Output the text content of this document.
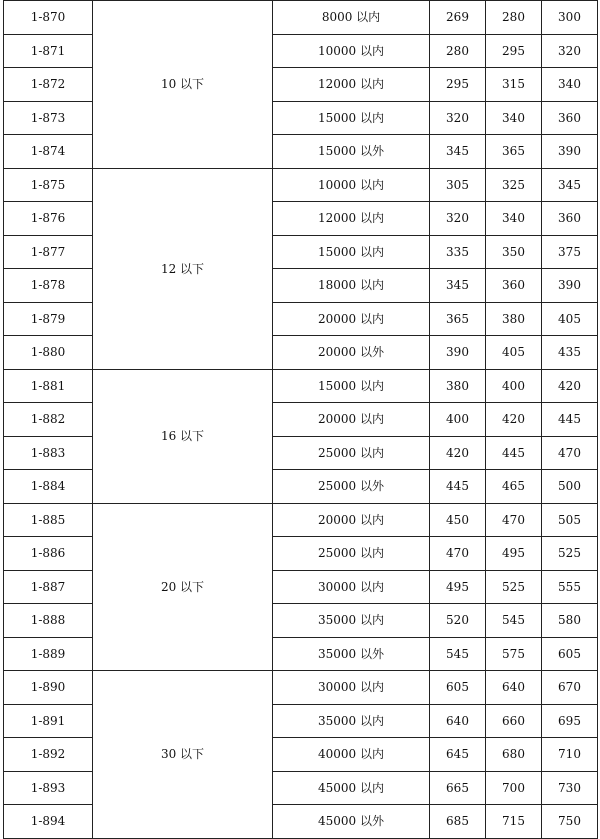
1-870	10 以下	8000 以内	269	280	300
1-871		10000 以内	280	295	320
1-872		12000 以内	295	315	340
1-873		15000 以内	320	340	360
1-874		15000 以外	345	365	390
1-875	12 以下	10000 以内	305	325	345
1-876		12000 以内	320	340	360
1-877		15000 以内	335	350	375
1-878		18000 以内	345	360	390
1-879		20000 以内	365	380	405
1-880		20000 以外	390	405	435
1-881	16 以下	15000 以内	380	400	420
1-882		20000 以内	400	420	445
1-883		25000 以内	420	445	470
1-884		25000 以外	445	465	500
1-885	20 以下	20000 以内	450	470	505
1-886		25000 以内	470	495	525
1-887		30000 以内	495	525	555
1-888		35000 以内	520	545	580
1-889		35000 以外	545	575	605
1-890	30 以下	30000 以内	605	640	670
1-891		35000 以内	640	660	695
1-892		40000 以内	645	680	710
1-893		45000 以内	665	700	730
1-894		45000 以外	685	715	750
